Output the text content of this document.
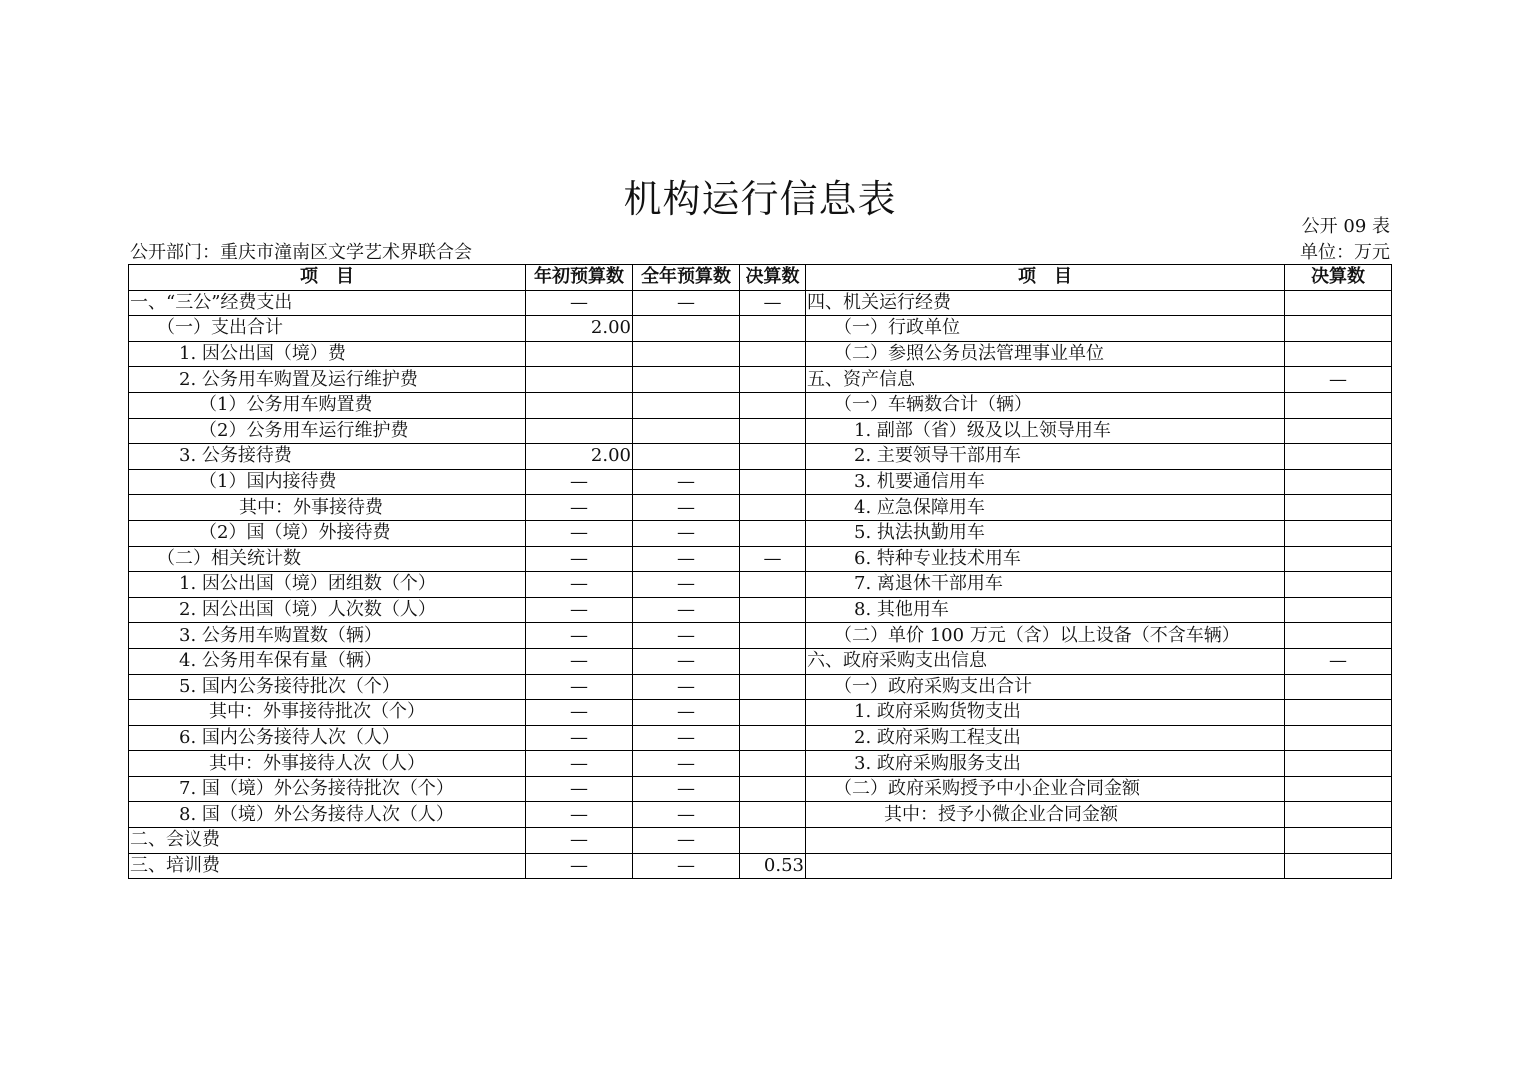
机构运行信息表
公开 09 表
公开部门：重庆市潼南区文学艺术界联合会	单位：万元
项　目	年初预算数	全年预算数	决算数	项　目	决算数
一、“三公”经费支出	—	—	—	四、机关运行经费	
（一）支出合计	2.00			（一）行政单位	
1. 因公出国（境）费				（二）参照公务员法管理事业单位	
2. 公务用车购置及运行维护费				五、资产信息	—
（1）公务用车购置费				（一）车辆数合计（辆）	
（2）公务用车运行维护费				1. 副部（省）级及以上领导用车	
3. 公务接待费	2.00			2. 主要领导干部用车	
（1）国内接待费	—	—		3. 机要通信用车	
其中：外事接待费	—	—		4. 应急保障用车	
（2）国（境）外接待费	—	—		5. 执法执勤用车	
（二）相关统计数	—	—	—	6. 特种专业技术用车	
1. 因公出国（境）团组数（个）	—	—		7. 离退休干部用车	
2. 因公出国（境）人次数（人）	—	—		8. 其他用车	
3. 公务用车购置数（辆）	—	—		（二）单价 100 万元（含）以上设备（不含车辆）	
4. 公务用车保有量（辆）	—	—		六、政府采购支出信息	—
5. 国内公务接待批次（个）	—	—		（一）政府采购支出合计	
其中：外事接待批次（个）	—	—		1. 政府采购货物支出	
6. 国内公务接待人次（人）	—	—		2. 政府采购工程支出	
其中：外事接待人次（人）	—	—		3. 政府采购服务支出	
7. 国（境）外公务接待批次（个）	—	—		（二）政府采购授予中小企业合同金额	
8. 国（境）外公务接待人次（人）	—	—		其中：授予小微企业合同金额	
二、会议费	—	—			
三、培训费	—	—	0.53		
